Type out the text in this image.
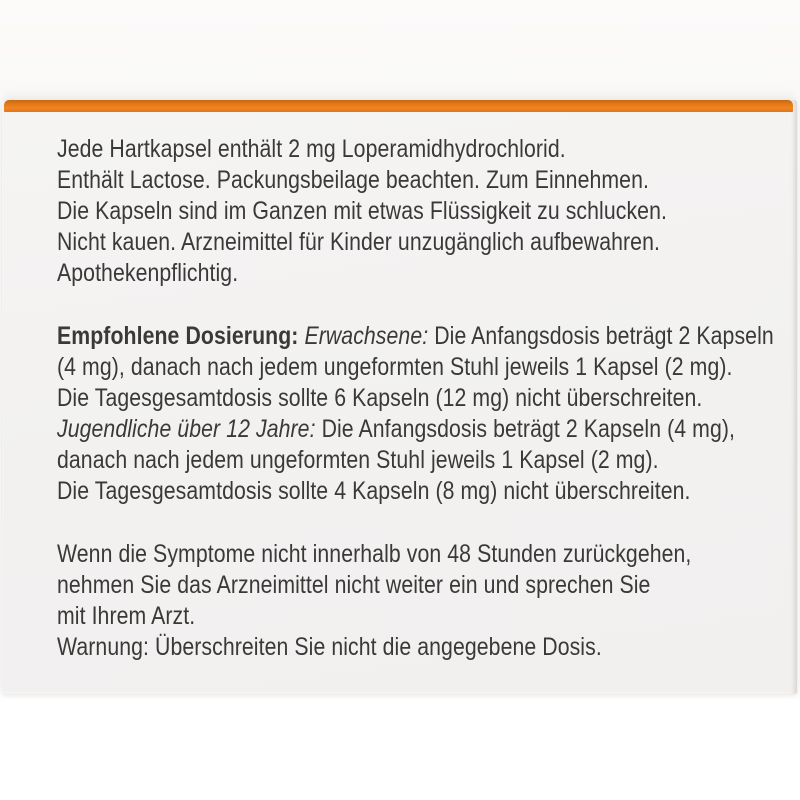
Jede Hartkapsel enthält 2 mg Loperamidhydrochlorid.
Enthält Lactose. Packungsbeilage beachten. Zum Einnehmen.
Die Kapseln sind im Ganzen mit etwas Flüssigkeit zu schlucken.
Nicht kauen. Arzneimittel für Kinder unzugänglich aufbewahren.
Apothekenpflichtig.
Empfohlene Dosierung: Erwachsene: Die Anfangsdosis beträgt 2 Kapseln
(4 mg), danach nach jedem ungeformten Stuhl jeweils 1 Kapsel (2 mg).
Die Tagesgesamtdosis sollte 6 Kapseln (12 mg) nicht überschreiten.
Jugendliche über 12 Jahre: Die Anfangsdosis beträgt 2 Kapseln (4 mg),
danach nach jedem ungeformten Stuhl jeweils 1 Kapsel (2 mg).
Die Tagesgesamtdosis sollte 4 Kapseln (8 mg) nicht überschreiten.
Wenn die Symptome nicht innerhalb von 48 Stunden zurückgehen,
nehmen Sie das Arzneimittel nicht weiter ein und sprechen Sie
mit Ihrem Arzt.
Warnung: Überschreiten Sie nicht die angegebene Dosis.
